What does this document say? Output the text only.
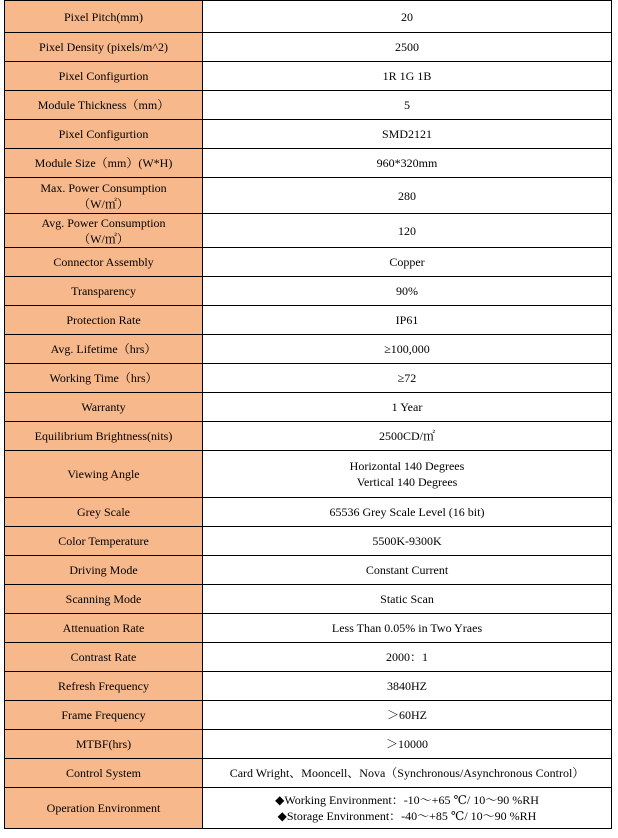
Pixel Pitch(mm)	20

Pixel Density (pixels/m^2)	2500

Pixel Configurtion	1R 1G 1B

Module Thickness（mm）	5

Pixel Configurtion	SMD2121

Module Size（mm）(W*H)	960*320mm

Max. Power Consumption
（W/㎡）	280

Avg. Power Consumption
（W/㎡）	120

Connector Assembly	Copper

Transparency	90%

Protection Rate	IP61

Avg. Lifetime（hrs）	≥100,000

Working Time（hrs）	≥72

Warranty	1 Year

Equilibrium Brightness(nits)	2500CD/㎡

Viewing Angle	Horizontal 140 Degrees
Vertical 140 Degrees

Grey Scale	65536 Grey Scale Level (16 bit)

Color Temperature	5500K-9300K

Driving Mode	Constant Current

Scanning Mode	Static Scan

Attenuation Rate	Less Than 0.05% in Two Yraes

Contrast Rate	2000：1

Refresh Frequency	3840HZ

Frame Frequency	＞60HZ

MTBF(hrs)	＞10000

Control System	Card Wright、Mooncell、Nova（Synchronous/Asynchronous Control）

Operation Environment	◆Working Environment：-10～+65 ℃/ 10～90 %RH
◆Storage Environment：-40～+85 ℃/ 10～90 %RH
